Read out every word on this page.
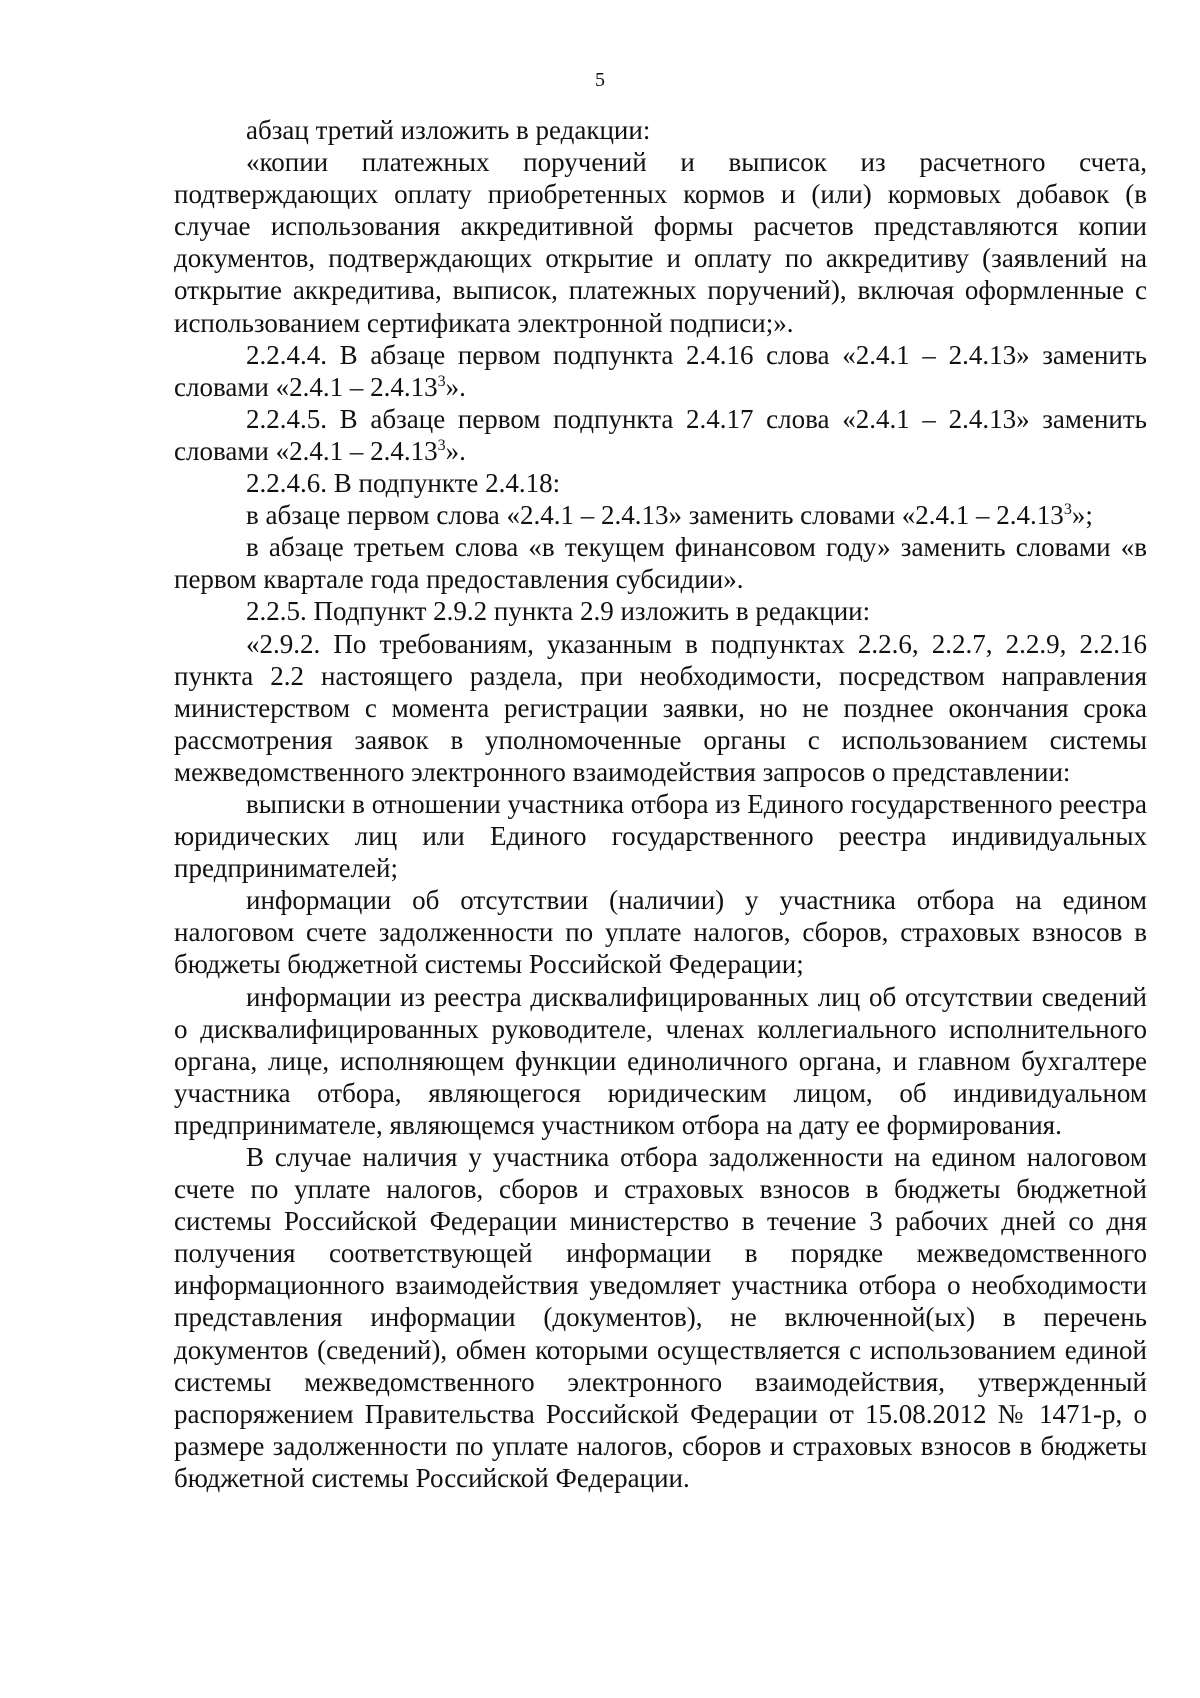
5

абзац третий изложить в редакции:

«копии платежных поручений и выписок из расчетного счета, подтверждающих оплату приобретенных кормов и (или) кормовых добавок (в случае использования аккредитивной формы расчетов представляются копии документов, подтверждающих открытие и оплату по аккредитиву (заявлений на открытие аккредитива, выписок, платежных поручений), включая оформленные с использованием сертификата электронной подписи;».

2.2.4.4. В абзаце первом подпункта 2.4.16 слова «2.4.1 – 2.4.13» заменить словами «2.4.1 – 2.4.13$^3$».

2.2.4.5. В абзаце первом подпункта 2.4.17 слова «2.4.1 – 2.4.13» заменить словами «2.4.1 – 2.4.13$^3$».

2.2.4.6. В подпункте 2.4.18:

в абзаце первом слова «2.4.1 – 2.4.13» заменить словами «2.4.1 – 2.4.13$^3$»;

в абзаце третьем слова «в текущем финансовом году» заменить словами «в первом квартале года предоставления субсидии».

2.2.5. Подпункт 2.9.2 пункта 2.9 изложить в редакции:

«2.9.2. По требованиям, указанным в подпунктах 2.2.6, 2.2.7, 2.2.9, 2.2.16 пункта 2.2 настоящего раздела, при необходимости, посредством направления министерством с момента регистрации заявки, но не позднее окончания срока рассмотрения заявок в уполномоченные органы с использованием системы межведомственного электронного взаимодействия запросов о представлении:

выписки в отношении участника отбора из Единого государственного реестра юридических лиц или Единого государственного реестра индивидуальных предпринимателей;

информации об отсутствии (наличии) у участника отбора на едином налоговом счете задолженности по уплате налогов, сборов, страховых взносов в бюджеты бюджетной системы Российской Федерации;

информации из реестра дисквалифицированных лиц об отсутствии сведений о дисквалифицированных руководителе, членах коллегиального исполнительного органа, лице, исполняющем функции единоличного органа, и главном бухгалтере участника отбора, являющегося юридическим лицом, об индивидуальном предпринимателе, являющемся участником отбора на дату ее формирования.

В случае наличия у участника отбора задолженности на едином налоговом счете по уплате налогов, сборов и страховых взносов в бюджеты бюджетной системы Российской Федерации министерство в течение 3 рабочих дней со дня получения соответствующей информации в порядке межведомственного информационного взаимодействия уведомляет участника отбора о необходимости представления информации (документов), не включенной(ых) в перечень документов (сведений), обмен которыми осуществляется с использованием единой системы межведомственного электронного взаимодействия, утвержденный распоряжением Правительства Российской Федерации от 15.08.2012 № 1471-р, о размере задолженности по уплате налогов, сборов и страховых взносов в бюджеты бюджетной системы Российской Федерации.
